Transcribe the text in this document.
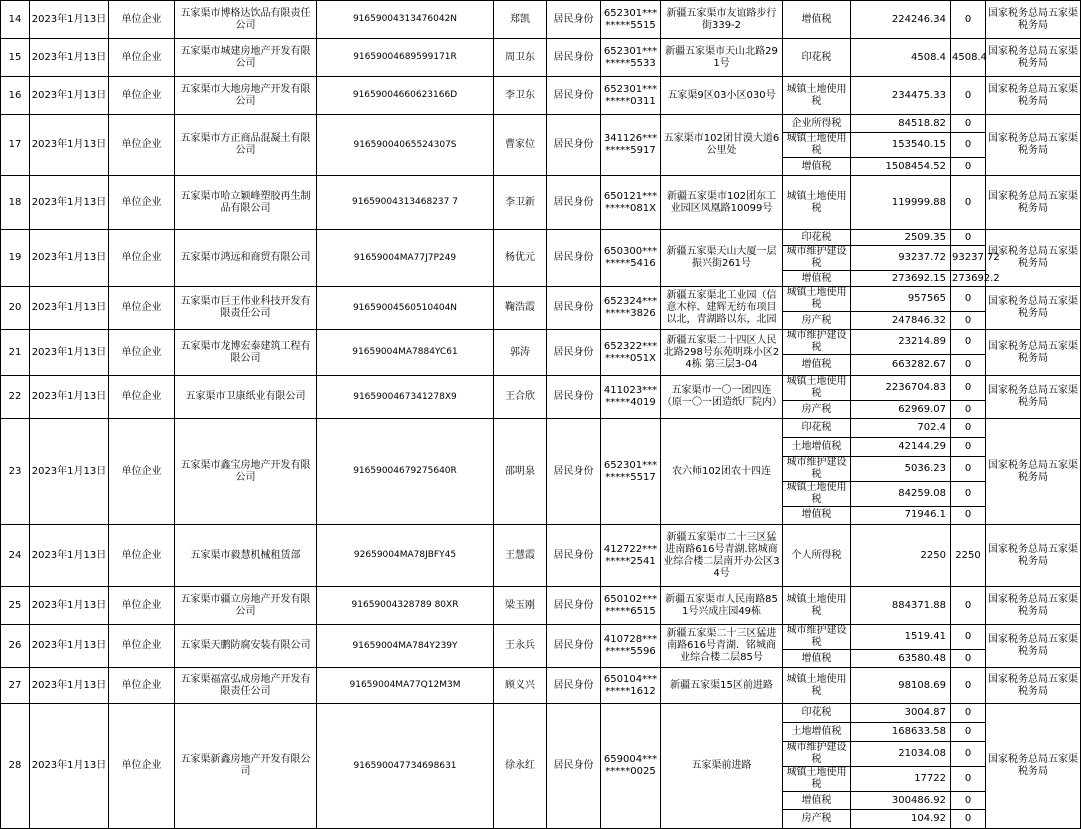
14	2023年1月13日	单位企业	五家渠市博格达饮品有限责任公司	91659004313476042N	郑凯	居民身份	652301********5515	新疆五家渠市友谊路步行街339-2	增值税	224246.34	0	国家税务总局五家渠税务局
15	2023年1月13日	单位企业	五家渠市城建房地产开发有限公司	91659004689599171R	周卫东	居民身份	652301********5533	新疆五家渠市天山北路291号	印花税	4508.4	4508.4	国家税务总局五家渠税务局
16	2023年1月13日	单位企业	五家渠市大地房地产开发有限公司	91659004660623166D	李卫东	居民身份	652301********0311	五家渠9区03小区030号	城镇土地使用税	234475.33	0	国家税务总局五家渠税务局
17	2023年1月13日	单位企业	五家渠市方正商品混凝土有限公司	91659004065524307S	曹家位	居民身份	341126********5917	五家渠市102团甘漠大道6公里处	企业所得税	84518.82	0	国家税务总局五家渠税务局
									城镇土地使用税	153540.15	0	
									增值税	1508454.52	0	
18	2023年1月13日	单位企业	五家渠市哈立颖峰塑胶再生制品有限公司	91659004313468237 7	李卫新	居民身份	650121********081X	新疆五家渠市102团东工业园区凤凰路10099号	城镇土地使用税	119999.88	0	国家税务总局五家渠税务局
19	2023年1月13日	单位企业	五家渠市鸿远和商贸有限公司	91659004MA77J7P249	杨优元	居民身份	650300********5416	新疆五家渠天山大厦一层振兴街261号	印花税	2509.35	0	国家税务总局五家渠税务局
									城市维护建设税	93237.72	93237.72	
									增值税	273692.15	273692.2	
20	2023年1月13日	单位企业	五家渠市巨王伟业科技开发有限责任公司	91659004560510404N	鞠浩霞	居民身份	652324********3826	新疆五家渠北工业园（信意木梓、建辉无纺布项目以北，青湖路以东，北园	城镇土地使用税	957565	0	国家税务总局五家渠税务局
									房产税	247846.32	0	
21	2023年1月13日	单位企业	五家渠市龙博宏泰建筑工程有限公司	91659004MA7884YC61	郭涛	居民身份	652322********051X	新疆五家渠二十四区人民北路298号东苑明珠小区24栋 第三层3-04	城市维护建设税	23214.89	0	国家税务总局五家渠税务局
									增值税	663282.67	0	
22	2023年1月13日	单位企业	五家渠市卫康纸业有限公司	91659004673412​78X9	王合欣	居民身份	411023********4019	五家渠市一〇一团四连（原一〇一团造纸厂院内）	城镇土地使用税	2236704.83	0	国家税务总局五家渠税务局
									房产税	62969.07	0	
23	2023年1月13日	单位企业	五家渠市鑫宝房地产开发有限公司	91659004679275640R	邵明泉	居民身份	652301********5517	农六师102团农十四连	印花税	702.4	0	国家税务总局五家渠税务局
									土地增值税	42144.29	0	
									城市维护建设税	5036.23	0	
									城镇土地使用税	84259.08	0	
									增值税	71946.1	0	
24	2023年1月13日	单位企业	五家渠市毅慧机械租赁部	92659004MA78JBFY45	王慧霞	居民身份	412722********2541	新疆五家渠市二十三区猛进南路616号青湖.铭城商业综合楼二层南开办公区34号	个人所得税	2250	2250	国家税务总局五家渠税务局
25	2023年1月13日	单位企业	五家渠市疆立房地产开发有限公司	91659004328789 80XR	梁玉刚	居民身份	650102********6515	新疆五家渠市人民南路851号兴成庄园49栋	城镇土地使用税	884371.88	0	国家税务总局五家渠税务局
26	2023年1月13日	单位企业	五家渠天鹏防腐安装有限公司	91659004MA784Y239Y	王永兵	居民身份	410728********5596	新疆五家渠二十三区猛进南路616号青湖．铭城商业综合楼二层85号	城市维护建设税	1519.41	0	国家税务总局五家渠税务局
									增值税	63580.48	0	
27	2023年1月13日	单位企业	五家渠福富弘成房地产开发有限责任公司	91659004MA77Q12M3M	顾义兴	居民身份	650104********1612	新疆五家渠15区前进路	城镇土地使用税	98108.69	0	国家税务总局五家渠税务局
28	2023年1月13日	单位企业	五家渠新鑫房地产开发有限公司	91659004773469​8631	徐永红	居民身份	659004********0025	五家渠前进路	印花税	3004.87	0	国家税务总局五家渠税务局
									土地增值税	168633.58	0	
									城市维护建设税	21034.08	0	
									城镇土地使用税	17722	0	
									增值税	300486.92	0	
									房产税	104.92	0	
